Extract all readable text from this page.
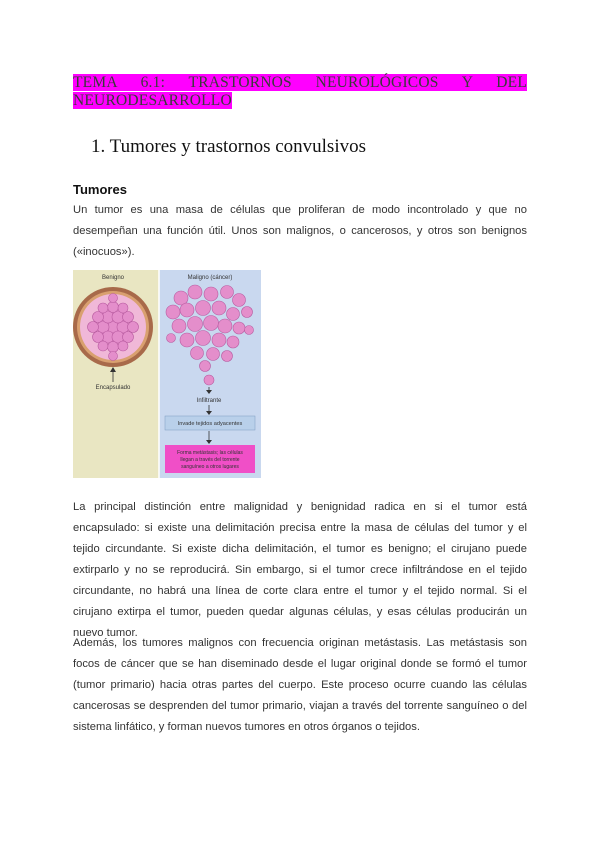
TEMA 6.1: TRASTORNOS NEUROLÓGICOS Y DEL NEURODESARROLLO
1. Tumores y trastornos convulsivos
Tumores

Un tumor es una masa de células que proliferan de modo incontrolado y que no desempeñan una función útil. Unos son malignos, o cancerosos, y otros son benignos («inocuos»).

Benigno	Maligno (cáncer)
Encapsulado
Infiltrante
Invade tejidos adyacentes
Forma metástasis; las células
llegan a través del torrente
sanguíneo a otros lugares

La principal distinción entre malignidad y benignidad radica en si el tumor está encapsulado: si existe una delimitación precisa entre la masa de células del tumor y el tejido circundante. Si existe dicha delimitación, el tumor es benigno; el cirujano puede extirparlo y no se reproducirá. Sin embargo, si el tumor crece infiltrándose en el tejido circundante, no habrá una línea de corte clara entre el tumor y el tejido normal. Si el cirujano extirpa el tumor, pueden quedar algunas células, y esas células producirán un nuevo tumor.

Además, los tumores malignos con frecuencia originan metástasis. Las metástasis son focos de cáncer que se han diseminado desde el lugar original donde se formó el tumor (tumor primario) hacia otras partes del cuerpo. Este proceso ocurre cuando las células cancerosas se desprenden del tumor primario, viajan a través del torrente sanguíneo o del sistema linfático, y forman nuevos tumores en otros órganos o tejidos.
